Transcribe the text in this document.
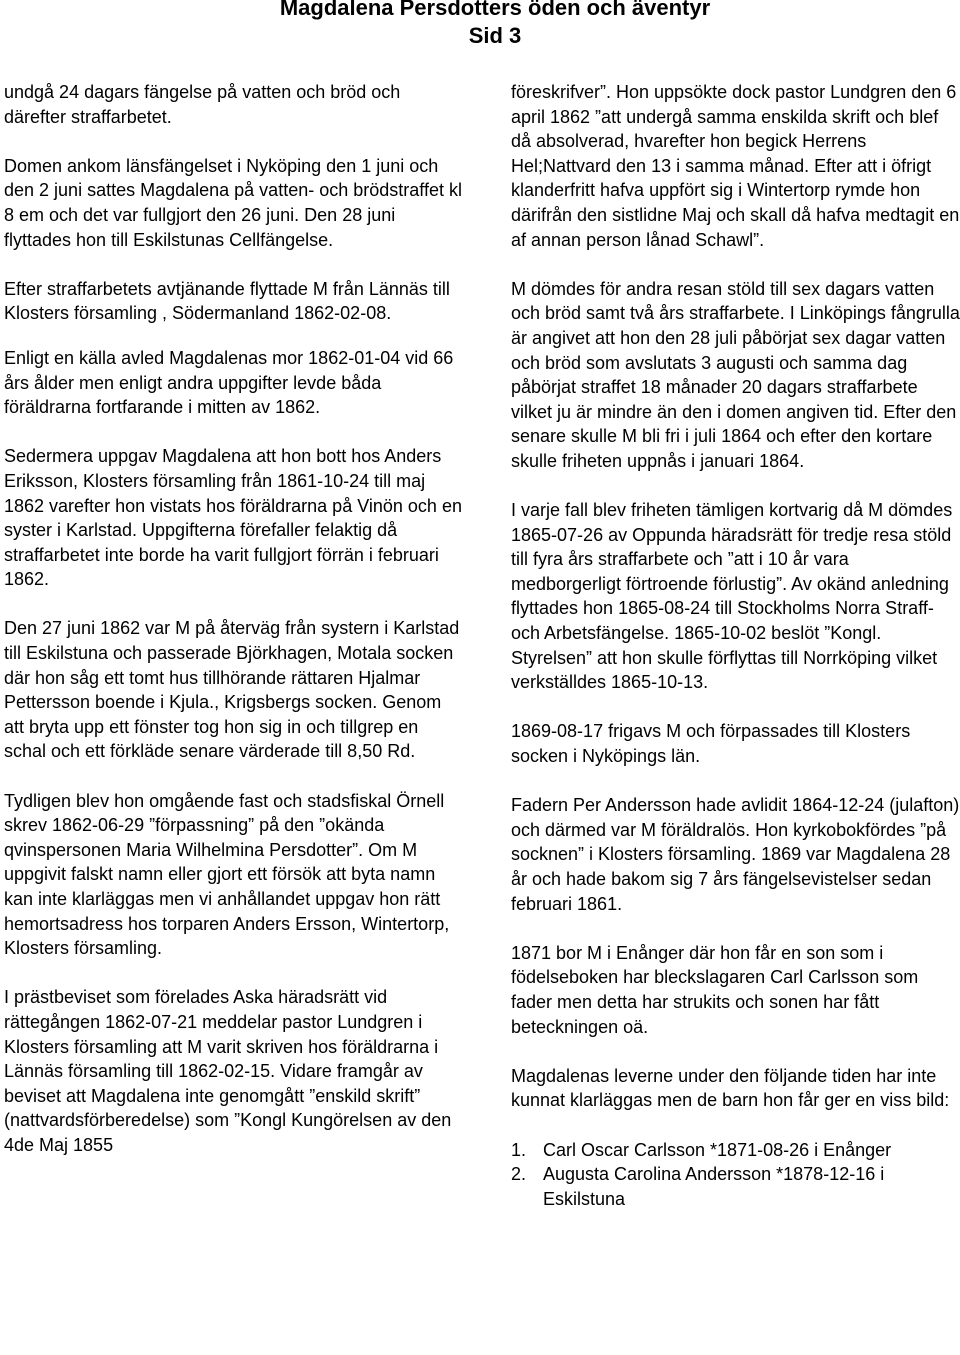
Magdalena Persdotters öden och äventyr
Sid 3

undgå 24 dagars fängelse på vatten och bröd och därefter straffarbetet.

Domen ankom länsfängelset i Nyköping den 1 juni och den 2 juni sattes Magdalena på vatten- och brödstraffet kl 8 em och det var fullgjort den 26 juni. Den 28 juni flyttades hon till Eskilstunas Cellfängelse.

Efter straffarbetets avtjänande flyttade M från Lännäs till Klosters församling , Södermanland 1862-02-08.

Enligt en källa avled Magdalenas mor 1862-01-04 vid 66 års ålder men enligt andra uppgifter levde båda föräldrarna fortfarande i mitten av 1862.

Sedermera uppgav Magdalena att hon bott hos Anders Eriksson, Klosters församling från 1861-10-24 till maj 1862 varefter hon vistats hos föräldrarna på Vinön och en syster i Karlstad. Uppgifterna förefaller felaktig då straffarbetet inte borde ha varit fullgjort förrän i februari 1862.

Den 27 juni 1862 var M på återväg från systern i Karlstad till Eskilstuna och passerade Björkhagen, Motala socken där hon såg ett tomt hus tillhörande rättaren Hjalmar Pettersson boende i Kjula., Krigsbergs socken. Genom att bryta upp ett fönster tog hon sig in och tillgrep en schal och ett förkläde senare värderade till 8,50 Rd.

Tydligen blev hon omgående fast och stadsfiskal Örnell skrev 1862-06-29 ”förpassning” på den ”okända qvinspersonen Maria Wilhelmina Persdotter”. Om M uppgivit falskt namn eller gjort ett försök att byta namn kan inte klarläggas men vi anhållandet uppgav hon rätt hemortsadress hos torparen Anders Ersson, Wintertorp, Klosters församling.

I prästbeviset som förelades Aska häradsrätt vid rättegången 1862-07-21 meddelar pastor Lundgren i Klosters församling att M varit skriven hos föräldrarna i Lännäs församling till 1862-02-15. Vidare framgår av beviset att Magdalena inte genomgått ”enskild skrift” (nattvardsförberedelse) som ”Kongl Kungörelsen av den 4de Maj 1855

föreskrifver”. Hon uppsökte dock pastor Lundgren den 6 april 1862 ”att undergå samma enskilda skrift och blef då absolverad, hvarefter hon begick Herrens Hel;Nattvard den 13 i samma månad. Efter att i öfrigt klanderfritt hafva uppfört sig i Wintertorp rymde hon därifrån den sistlidne Maj och skall då hafva medtagit en af annan person lånad Schawl”.

M dömdes för andra resan stöld till sex dagars vatten och bröd samt två års straffarbete. I Linköpings fångrulla är angivet att hon den 28 juli påbörjat sex dagar vatten och bröd som avslutats 3 augusti och samma dag påbörjat straffet 18 månader 20 dagars straffarbete vilket ju är mindre än den i domen angiven tid. Efter den senare skulle M bli fri i juli 1864 och efter den kortare skulle friheten uppnås i januari 1864.

I varje fall blev friheten tämligen kortvarig då M dömdes 1865-07-26 av Oppunda häradsrätt för tredje resa stöld till fyra års straffarbete och ”att i 10 år vara medborgerligt förtroende förlustig”. Av okänd anledning flyttades hon 1865-08-24 till Stockholms Norra Straff- och Arbetsfängelse. 1865-10-02 beslöt ”Kongl. Styrelsen” att hon skulle förflyttas till Norrköping vilket verkställdes 1865-10-13.

1869-08-17 frigavs M och förpassades till Klosters socken i Nyköpings län.

Fadern Per Andersson hade avlidit 1864-12-24 (julafton) och därmed var M föräldralös. Hon kyrkobokfördes ”på socknen” i Klosters församling. 1869 var Magdalena 28 år och hade bakom sig 7 års fängelsevistelser sedan februari 1861.

1871 bor M i Enånger där hon får en son som i födelseboken har bleckslagaren Carl Carlsson som fader men detta har strukits och sonen har fått beteckningen oä.

Magdalenas leverne under den följande tiden har inte kunnat klarläggas men de barn hon får ger en viss bild:

1. Carl Oscar Carlsson *1871-08-26 i Enånger
2. Augusta Carolina Andersson *1878-12-16 i Eskilstuna
